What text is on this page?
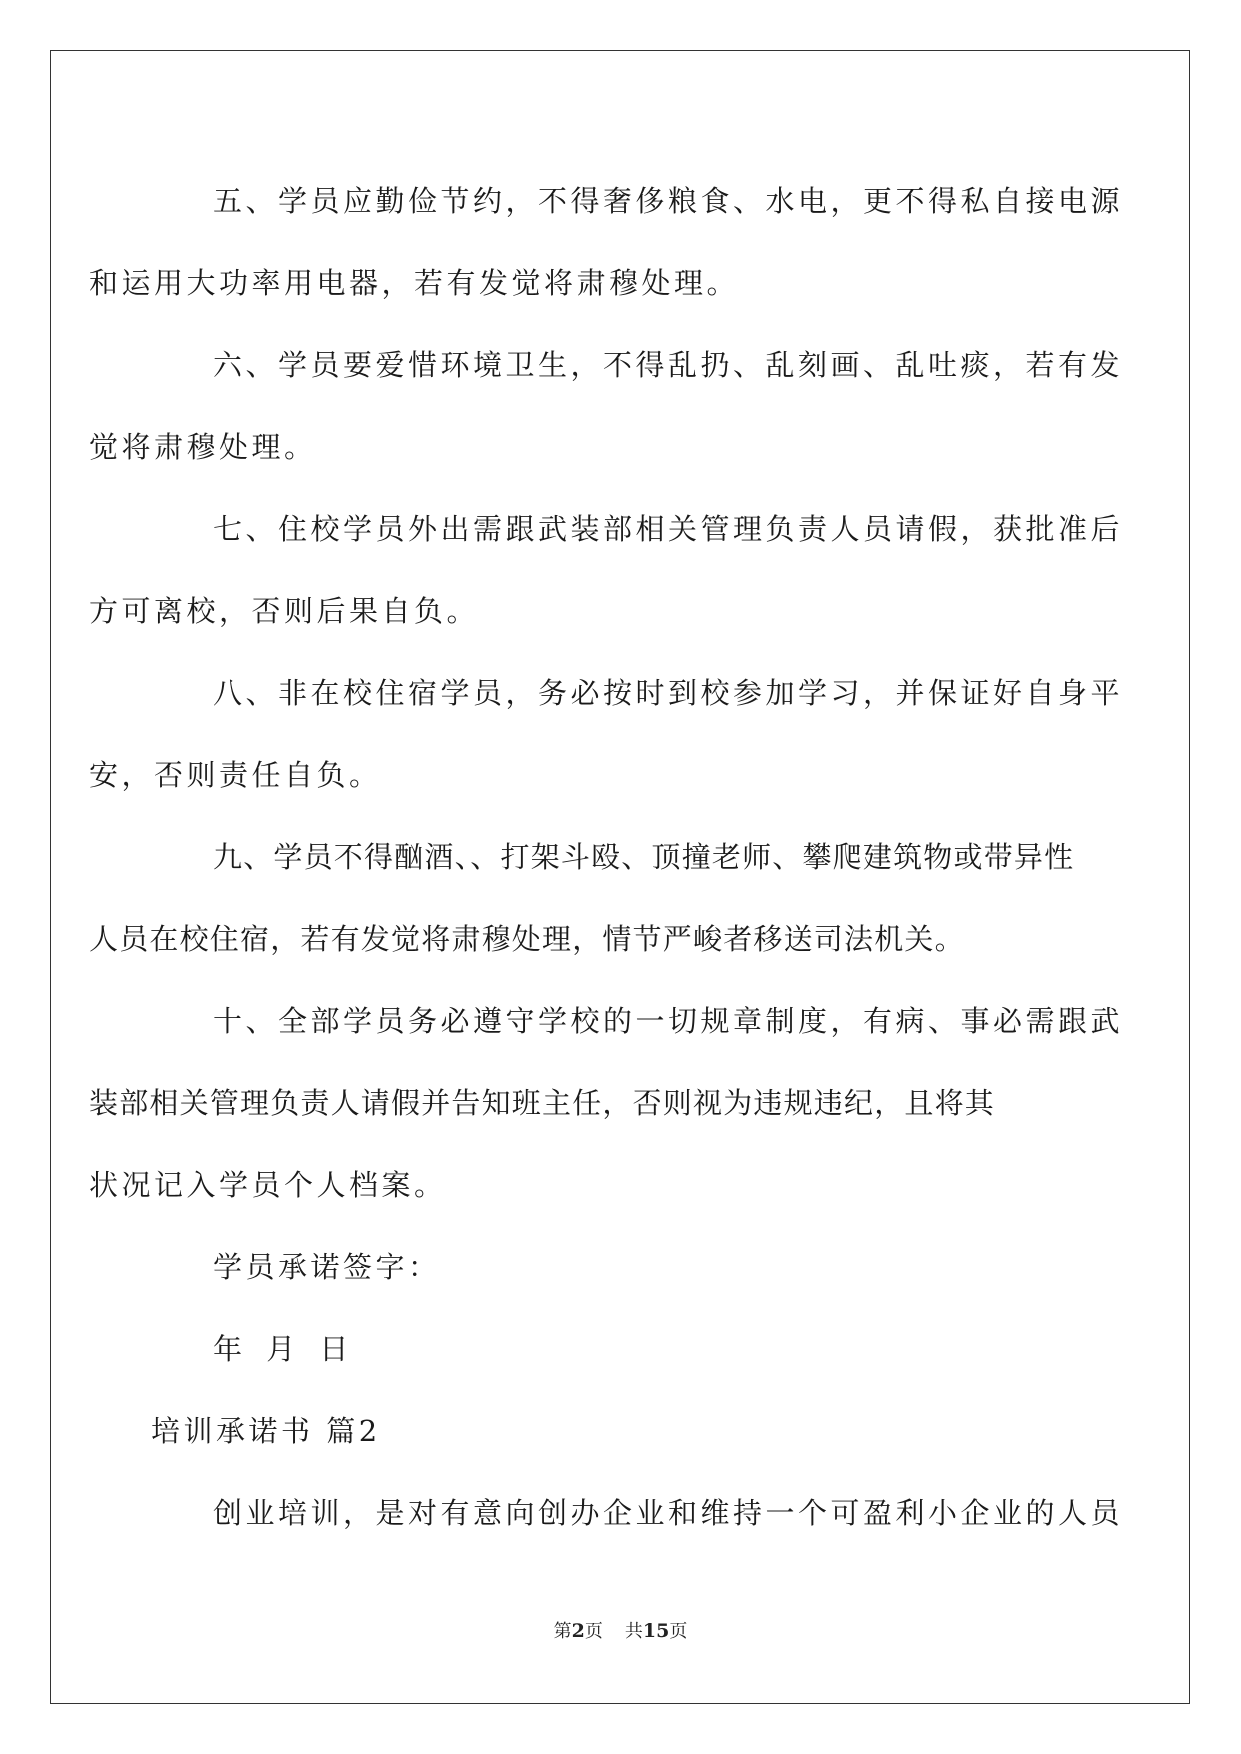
五、学员应勤俭节约，不得奢侈粮食、水电，更不得私自接电源
和运用大功率用电器，若有发觉将肃穆处理。

六、学员要爱惜环境卫生，不得乱扔、乱刻画、乱吐痰，若有发
觉将肃穆处理。

七、住校学员外出需跟武装部相关管理负责人员请假，获批准后
方可离校，否则后果自负。

八、非在校住宿学员，务必按时到校参加学习，并保证好自身平
安，否则责任自负。

九、学员不得酗酒、、打架斗殴、顶撞老师、攀爬建筑物或带异性
人员在校住宿，若有发觉将肃穆处理，情节严峻者移送司法机关。

十、全部学员务必遵守学校的一切规章制度，有病、事必需跟武
装部相关管理负责人请假并告知班主任，否则视为违规违纪，且将其
状况记入学员个人档案。

学员承诺签字：

年 月 日

培训承诺书 篇2

创业培训，是对有意向创办企业和维持一个可盈利小企业的人员

第2页 共15页
